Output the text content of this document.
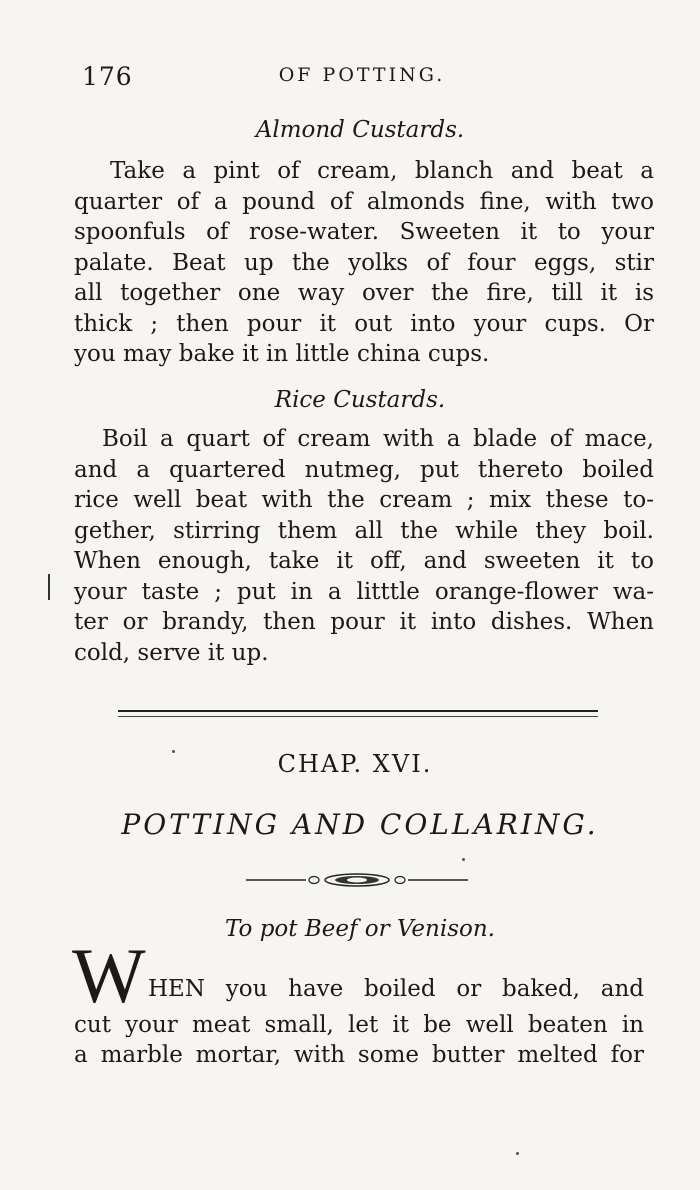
176	OF POTTING.
Almond Custards.
Take a pint of cream, blanch and beat a
quarter of a pound of almonds fine, with two
spoonfuls of rose-water. Sweeten it to your
palate. Beat up the yolks of four eggs, stir
all together one way over the fire, till it is
thick ; then pour it out into your cups. Or
you may bake it in little china cups.
Rice Custards.
Boil a quart of cream with a blade of mace,
and a quartered nutmeg, put thereto boiled
rice well beat with the cream ; mix these to-
gether, stirring them all the while they boil.
When enough, take it off, and sweeten it to
your taste ; put in a litttle orange-flower wa-
ter or brandy, then pour it into dishes. When
cold, serve it up.
CHAP. XVI.
POTTING AND COLLARING.
To pot Beef or Venison.
W HEN you have boiled or baked, and
cut your meat small, let it be well beaten in
a marble mortar, with some butter melted for
